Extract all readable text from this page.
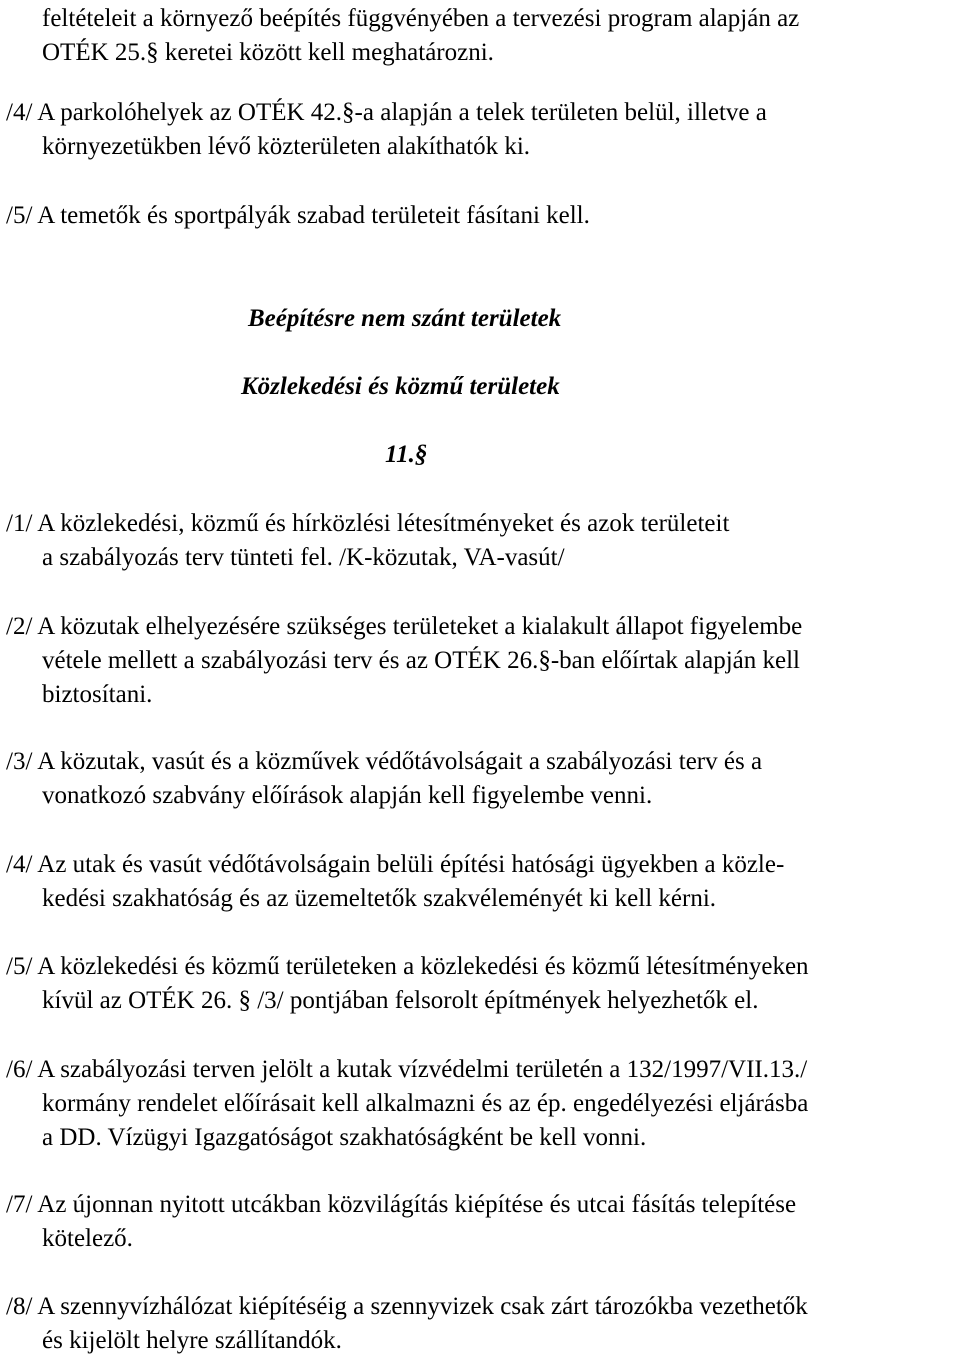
feltételeit a környező beépítés függvényében a tervezési program alapján az
OTÉK 25.§ keretei között kell meghatározni.
/4/ A parkolóhelyek az OTÉK 42.§-a alapján a telek területen belül, illetve a
környezetükben lévő közterületen alakíthatók ki.
/5/ A temetők és sportpályák szabad területeit fásítani kell.
Beépítésre nem szánt területek
Közlekedési és közmű területek
11.§
/1/ A közlekedési, közmű és hírközlési létesítményeket és azok területeit
a szabályozás terv tünteti fel. /K-közutak, VA-vasút/
/2/ A közutak elhelyezésére szükséges területeket a kialakult állapot figyelembe
vétele mellett a szabályozási terv és az OTÉK 26.§-ban előírtak alapján kell
biztosítani.
/3/ A közutak, vasút és a közművek védőtávolságait a szabályozási terv és a
vonatkozó szabvány előírások alapján kell figyelembe venni.
/4/ Az utak és vasút védőtávolságain belüli építési hatósági ügyekben a közle-
kedési szakhatóság és az üzemeltetők szakvéleményét ki kell kérni.
/5/ A közlekedési és közmű területeken a közlekedési és közmű létesítményeken
kívül az OTÉK 26. § /3/ pontjában felsorolt építmények helyezhetők el.
/6/ A szabályozási terven jelölt a kutak vízvédelmi területén a 132/1997/VII.13./
kormány rendelet előírásait kell alkalmazni és az ép. engedélyezési eljárásba
a DD. Vízügyi Igazgatóságot szakhatóságként be kell vonni.
/7/ Az újonnan nyitott utcákban közvilágítás kiépítése és utcai fásítás telepítése
kötelező.
/8/ A szennyvízhálózat kiépítéséig a szennyvizek csak zárt tározókba vezethetők
és kijelölt helyre szállítandók.
